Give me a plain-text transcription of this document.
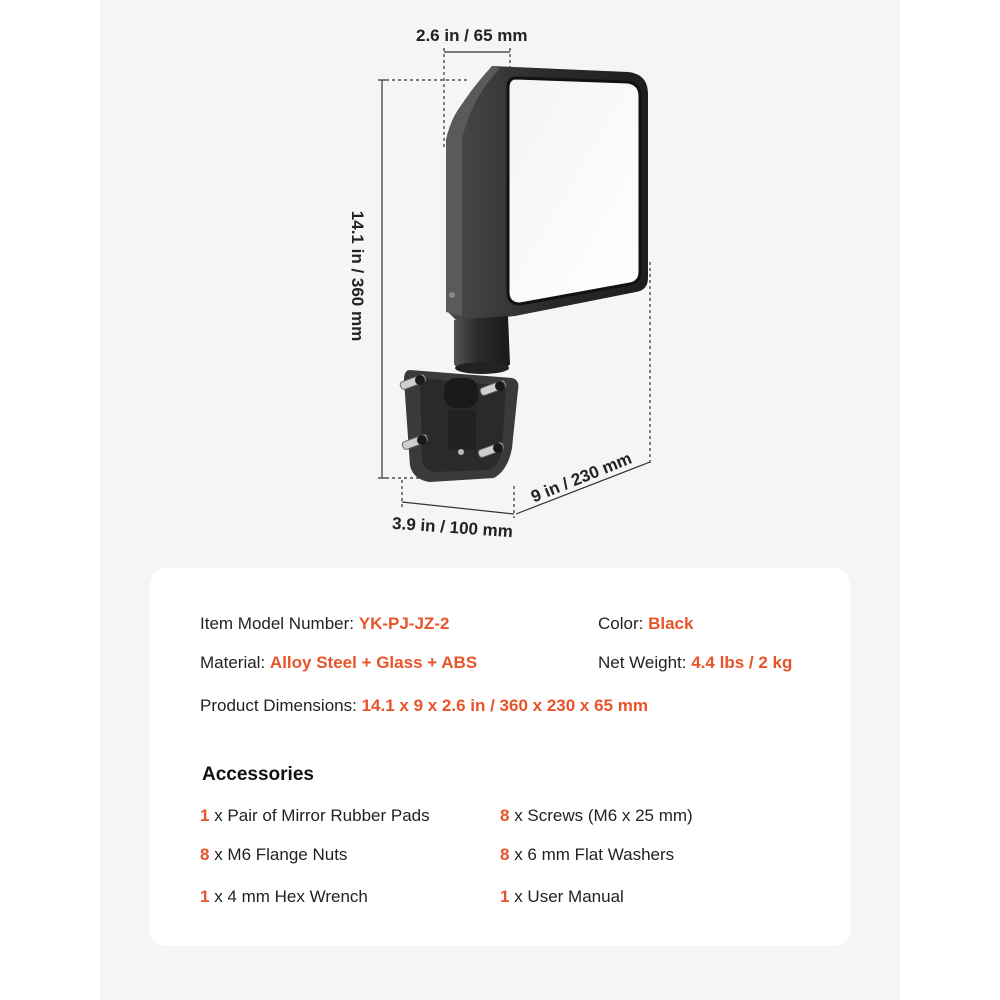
2.6 in / 65 mm
14.1 in / 360 mm
3.9 in / 100 mm
9 in / 230 mm
Item Model Number: YK-PJ-JZ-2	Color: Black
Material: Alloy Steel + Glass + ABS	Net Weight: 4.4 lbs / 2 kg
Product Dimensions: 14.1 x 9 x 2.6 in / 360 x 230 x 65 mm
Accessories
1 x Pair of Mirror Rubber Pads	8 x Screws (M6 x 25 mm)
8 x M6 Flange Nuts	8 x 6 mm Flat Washers
1 x 4 mm Hex Wrench	1 x User Manual
